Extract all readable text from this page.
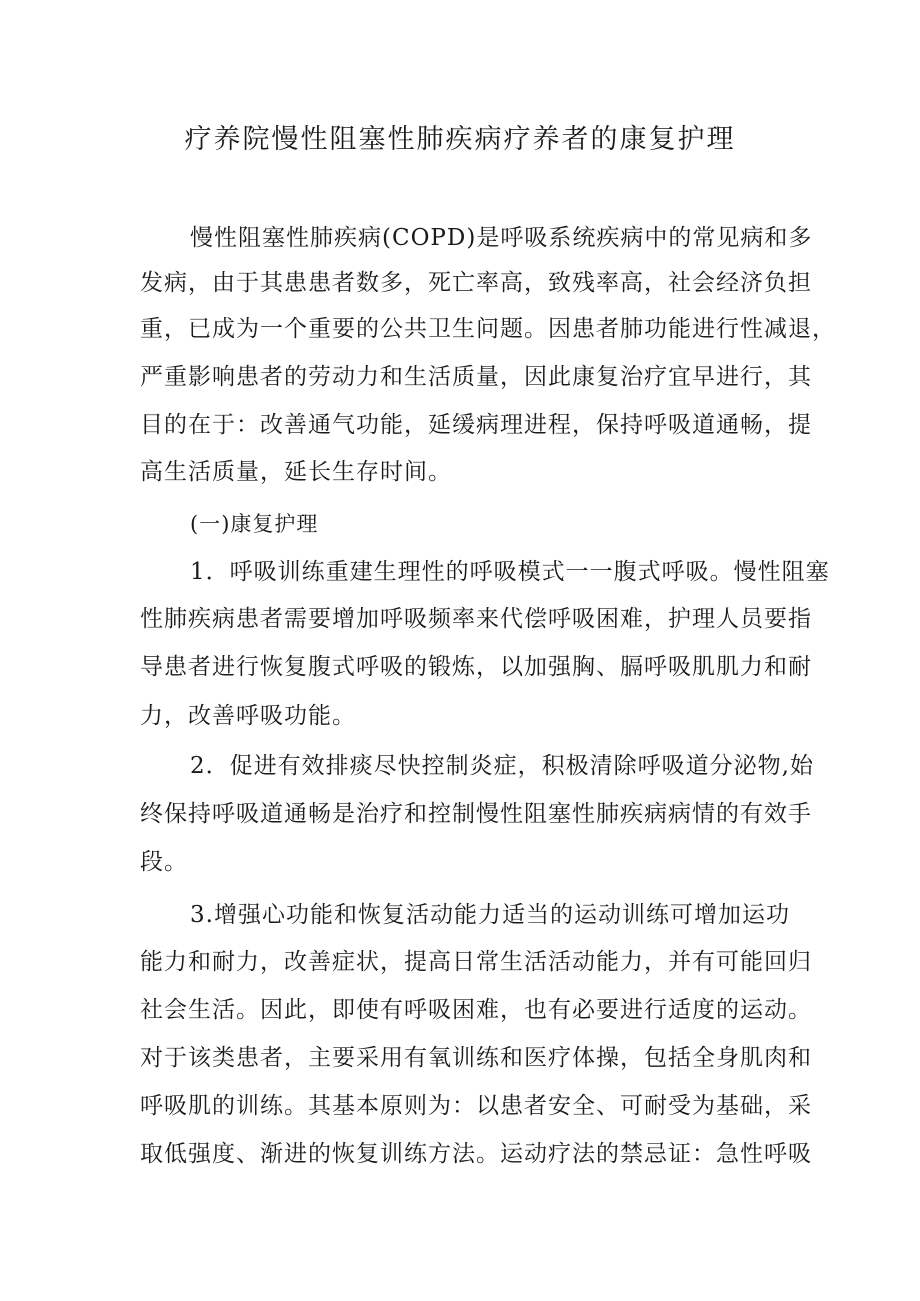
疗养院慢性阻塞性肺疾病疗养者的康复护理
慢性阻塞性肺疾病(COPD)是呼吸系统疾病中的常见病和多
发病，由于其患患者数多，死亡率高，致残率高，社会经济负担
重，已成为一个重要的公共卫生问题。因患者肺功能进行性减退，
严重影响患者的劳动力和生活质量，因此康复治疗宜早进行，其
目的在于：改善通气功能，延缓病理进程，保持呼吸道通畅，提
高生活质量，延长生存时间。
(一)康复护理
1．呼吸训练重建生理性的呼吸模式一一腹式呼吸。慢性阻塞
性肺疾病患者需要增加呼吸频率来代偿呼吸困难，护理人员要指
导患者进行恢复腹式呼吸的锻炼，以加强胸、膈呼吸肌肌力和耐
力，改善呼吸功能。
2．促进有效排痰尽快控制炎症，积极清除呼吸道分泌物,始
终保持呼吸道通畅是治疗和控制慢性阻塞性肺疾病病情的有效手
段。
3.增强心功能和恢复活动能力适当的运动训练可增加运功
能力和耐力，改善症状，提高日常生活活动能力，并有可能回归
社会生活。因此，即使有呼吸困难，也有必要进行适度的运动。
对于该类患者，主要采用有氧训练和医疗体操，包括全身肌肉和
呼吸肌的训练。其基本原则为：以患者安全、可耐受为基础，采
取低强度、渐进的恢复训练方法。运动疗法的禁忌证：急性呼吸
